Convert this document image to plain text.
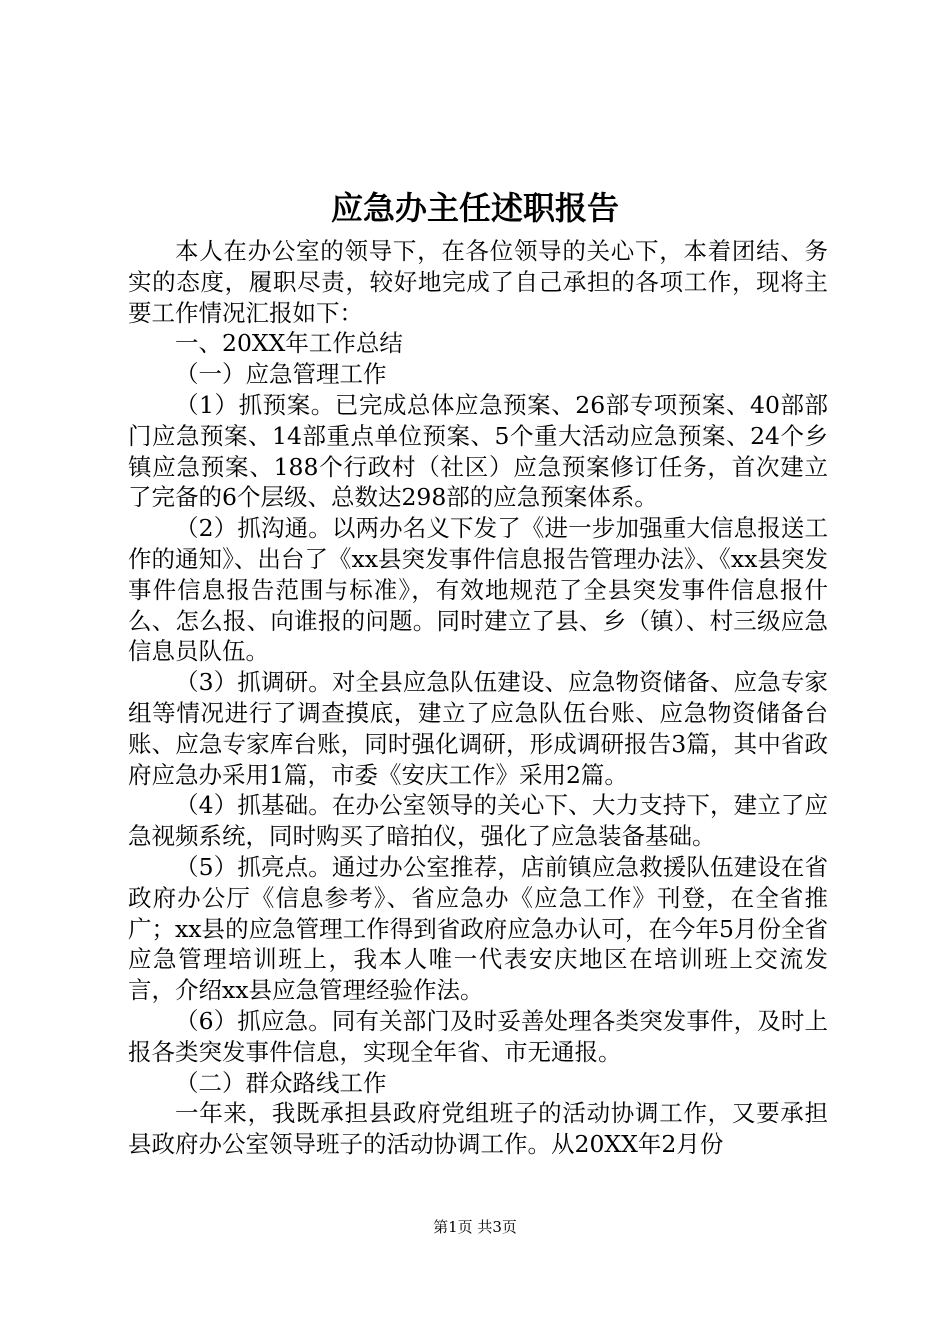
应急办主任述职报告

本人在办公室的领导下，在各位领导的关心下，本着团结、务实的态度，履职尽责，较好地完成了自己承担的各项工作，现将主要工作情况汇报如下：

一、20XX年工作总结

（一）应急管理工作

（1）抓预案。已完成总体应急预案、26部专项预案、40部部门应急预案、14部重点单位预案、5个重大活动应急预案、24个乡镇应急预案、188个行政村（社区）应急预案修订任务，首次建立了完备的6个层级、总数达298部的应急预案体系。

（2）抓沟通。以两办名义下发了《进一步加强重大信息报送工作的通知》、出台了《xx县突发事件信息报告管理办法》、《xx县突发事件信息报告范围与标准》，有效地规范了全县突发事件信息报什么、怎么报、向谁报的问题。同时建立了县、乡（镇）、村三级应急信息员队伍。

（3）抓调研。对全县应急队伍建设、应急物资储备、应急专家组等情况进行了调查摸底，建立了应急队伍台账、应急物资储备台账、应急专家库台账，同时强化调研，形成调研报告3篇，其中省政府应急办采用1篇，市委《安庆工作》采用2篇。

（4）抓基础。在办公室领导的关心下、大力支持下，建立了应急视频系统，同时购买了暗拍仪，强化了应急装备基础。

（5）抓亮点。通过办公室推荐，店前镇应急救援队伍建设在省政府办公厅《信息参考》、省应急办《应急工作》刊登，在全省推广；xx县的应急管理工作得到省政府应急办认可，在今年5月份全省应急管理培训班上，我本人唯一代表安庆地区在培训班上交流发言，介绍xx县应急管理经验作法。

（6）抓应急。同有关部门及时妥善处理各类突发事件，及时上报各类突发事件信息，实现全年省、市无通报。

（二）群众路线工作

一年来，我既承担县政府党组班子的活动协调工作，又要承担县政府办公室领导班子的活动协调工作。从20XX年2月份

第1页 共3页
